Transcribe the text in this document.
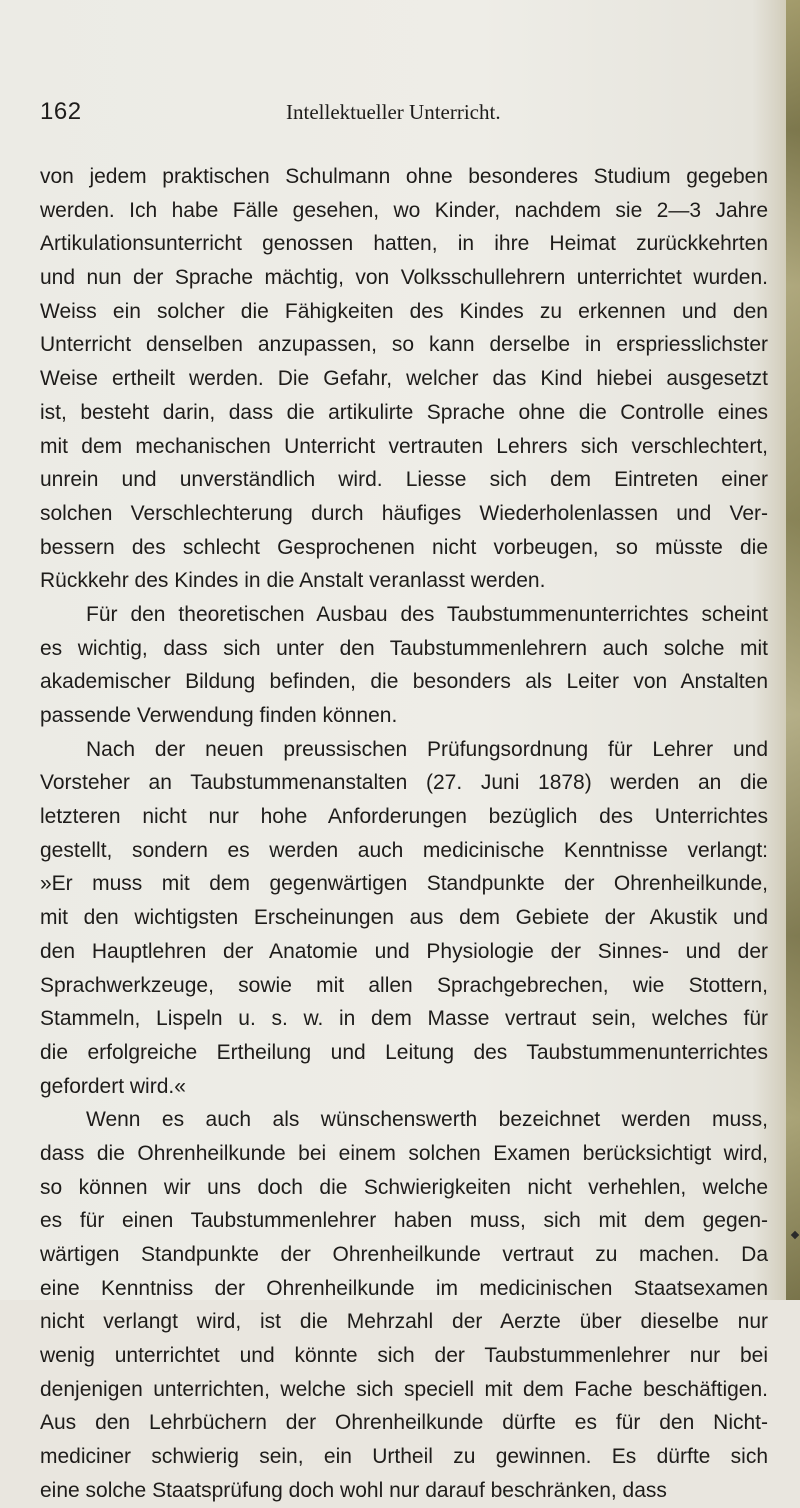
162	Intellektueller Unterricht.
von jedem praktischen Schulmann ohne besonderes Studium gegeben
werden. Ich habe Fälle gesehen, wo Kinder, nachdem sie 2—3 Jahre
Artikulationsunterricht genossen hatten, in ihre Heimat zurückkehrten
und nun der Sprache mächtig, von Volksschullehrern unterrichtet wurden.
Weiss ein solcher die Fähigkeiten des Kindes zu erkennen und den
Unterricht denselben anzupassen, so kann derselbe in erspriesslichster
Weise ertheilt werden. Die Gefahr, welcher das Kind hiebei ausgesetzt
ist, besteht darin, dass die artikulirte Sprache ohne die Controlle eines
mit dem mechanischen Unterricht vertrauten Lehrers sich verschlechtert,
unrein und unverständlich wird. Liesse sich dem Eintreten einer
solchen Verschlechterung durch häufiges Wiederholenlassen und Ver-
bessern des schlecht Gesprochenen nicht vorbeugen, so müsste die
Rückkehr des Kindes in die Anstalt veranlasst werden.
Für den theoretischen Ausbau des Taubstummenunterrichtes scheint
es wichtig, dass sich unter den Taubstummenlehrern auch solche mit
akademischer Bildung befinden, die besonders als Leiter von Anstalten
passende Verwendung finden können.
Nach der neuen preussischen Prüfungsordnung für Lehrer und
Vorsteher an Taubstummenanstalten (27. Juni 1878) werden an die
letzteren nicht nur hohe Anforderungen bezüglich des Unterrichtes
gestellt, sondern es werden auch medicinische Kenntnisse verlangt:
»Er muss mit dem gegenwärtigen Standpunkte der Ohrenheilkunde,
mit den wichtigsten Erscheinungen aus dem Gebiete der Akustik und
den Hauptlehren der Anatomie und Physiologie der Sinnes- und der
Sprachwerkzeuge, sowie mit allen Sprachgebrechen, wie Stottern,
Stammeln, Lispeln u. s. w. in dem Masse vertraut sein, welches für
die erfolgreiche Ertheilung und Leitung des Taubstummenunterrichtes
gefordert wird.«
Wenn es auch als wünschenswerth bezeichnet werden muss,
dass die Ohrenheilkunde bei einem solchen Examen berücksichtigt wird,
so können wir uns doch die Schwierigkeiten nicht verhehlen, welche
es für einen Taubstummenlehrer haben muss, sich mit dem gegen-
wärtigen Standpunkte der Ohrenheilkunde vertraut zu machen. Da
eine Kenntniss der Ohrenheilkunde im medicinischen Staatsexamen
nicht verlangt wird, ist die Mehrzahl der Aerzte über dieselbe nur
wenig unterrichtet und könnte sich der Taubstummenlehrer nur bei
denjenigen unterrichten, welche sich speciell mit dem Fache beschäftigen.
Aus den Lehrbüchern der Ohrenheilkunde dürfte es für den Nicht-
mediciner schwierig sein, ein Urtheil zu gewinnen. Es dürfte sich
eine solche Staatsprüfung doch wohl nur darauf beschränken, dass
